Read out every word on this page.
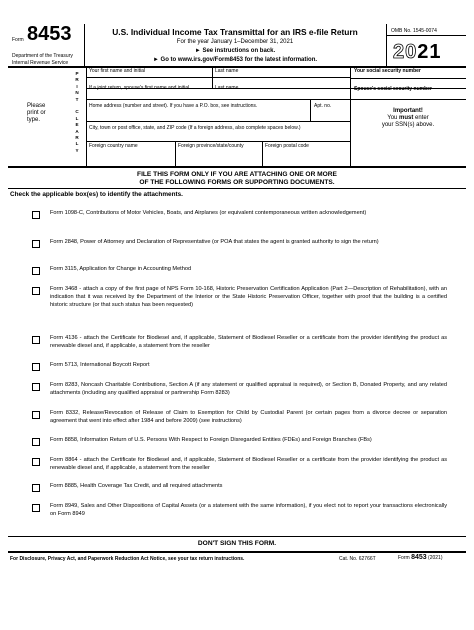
Form 8453
Department of the Treasury
Internal Revenue Service
U.S. Individual Income Tax Transmittal for an IRS e-file Return
For the year January 1–December 31, 2021
► See instructions on back.
► Go to www.irs.gov/Form8453 for the latest information.
OMB No. 1545-0074
2021
Please print or type.
P
R
I
N
T
C
L
E
A
R
L
Y
Your first name and initial	Last name	Your social security number
If a joint return, spouse's first name and initial	Last name	Spouse's social security number
Home address (number and street). If you have a P.O. box, see instructions.	Apt. no.
Important!
You must enter
your SSN(s) above.
City, town or post office, state, and ZIP code (If a foreign address, also complete spaces below.)
Foreign country name	Foreign province/state/county	Foreign postal code
FILE THIS FORM ONLY IF YOU ARE ATTACHING ONE OR MORE
OF THE FOLLOWING FORMS OR SUPPORTING DOCUMENTS.
Check the applicable box(es) to identify the attachments.
Form 1098-C, Contributions of Motor Vehicles, Boats, and Airplanes (or equivalent contemporaneous written acknowledgement)
Form 2848, Power of Attorney and Declaration of Representative (or POA that states the agent is granted authority to sign the return)
Form 3115, Application for Change in Accounting Method
Form 3468 - attach a copy of the first page of NPS Form 10-168, Historic Preservation Certification Application (Part 2—Description of Rehabilitation), with an indication that it was received by the Department of the Interior or the State Historic Preservation Officer, together with proof that the building is a certified historic structure (or that such status has been requested)
Form 4136 - attach the Certificate for Biodiesel and, if applicable, Statement of Biodiesel Reseller or a certificate from the provider identifying the product as renewable diesel and, if applicable, a statement from the reseller
Form 5713, International Boycott Report
Form 8283, Noncash Charitable Contributions, Section A (if any statement or qualified appraisal is required), or Section B, Donated Property, and any related attachments (including any qualified appraisal or partnership Form 8283)
Form 8332, Release/Revocation of Release of Claim to Exemption for Child by Custodial Parent (or certain pages from a divorce decree or separation agreement that went into effect after 1984 and before 2009) (see instructions)
Form 8858, Information Return of U.S. Persons With Respect to Foreign Disregarded Entities (FDEs) and Foreign Branches (FBs)
Form 8864 - attach the Certificate for Biodiesel and, if applicable, Statement of Biodiesel Reseller or a certificate from the provider identifying the product as renewable diesel and, if applicable, a statement from the reseller
Form 8885, Health Coverage Tax Credit, and all required attachments
Form 8949, Sales and Other Dispositions of Capital Assets (or a statement with the same information), if you elect not to report your transactions electronically on Form 8949
DON'T SIGN THIS FORM.
For Disclosure, Privacy Act, and Paperwork Reduction Act Notice, see your tax return instructions.	Cat. No. 62766T	Form 8453 (2021)
